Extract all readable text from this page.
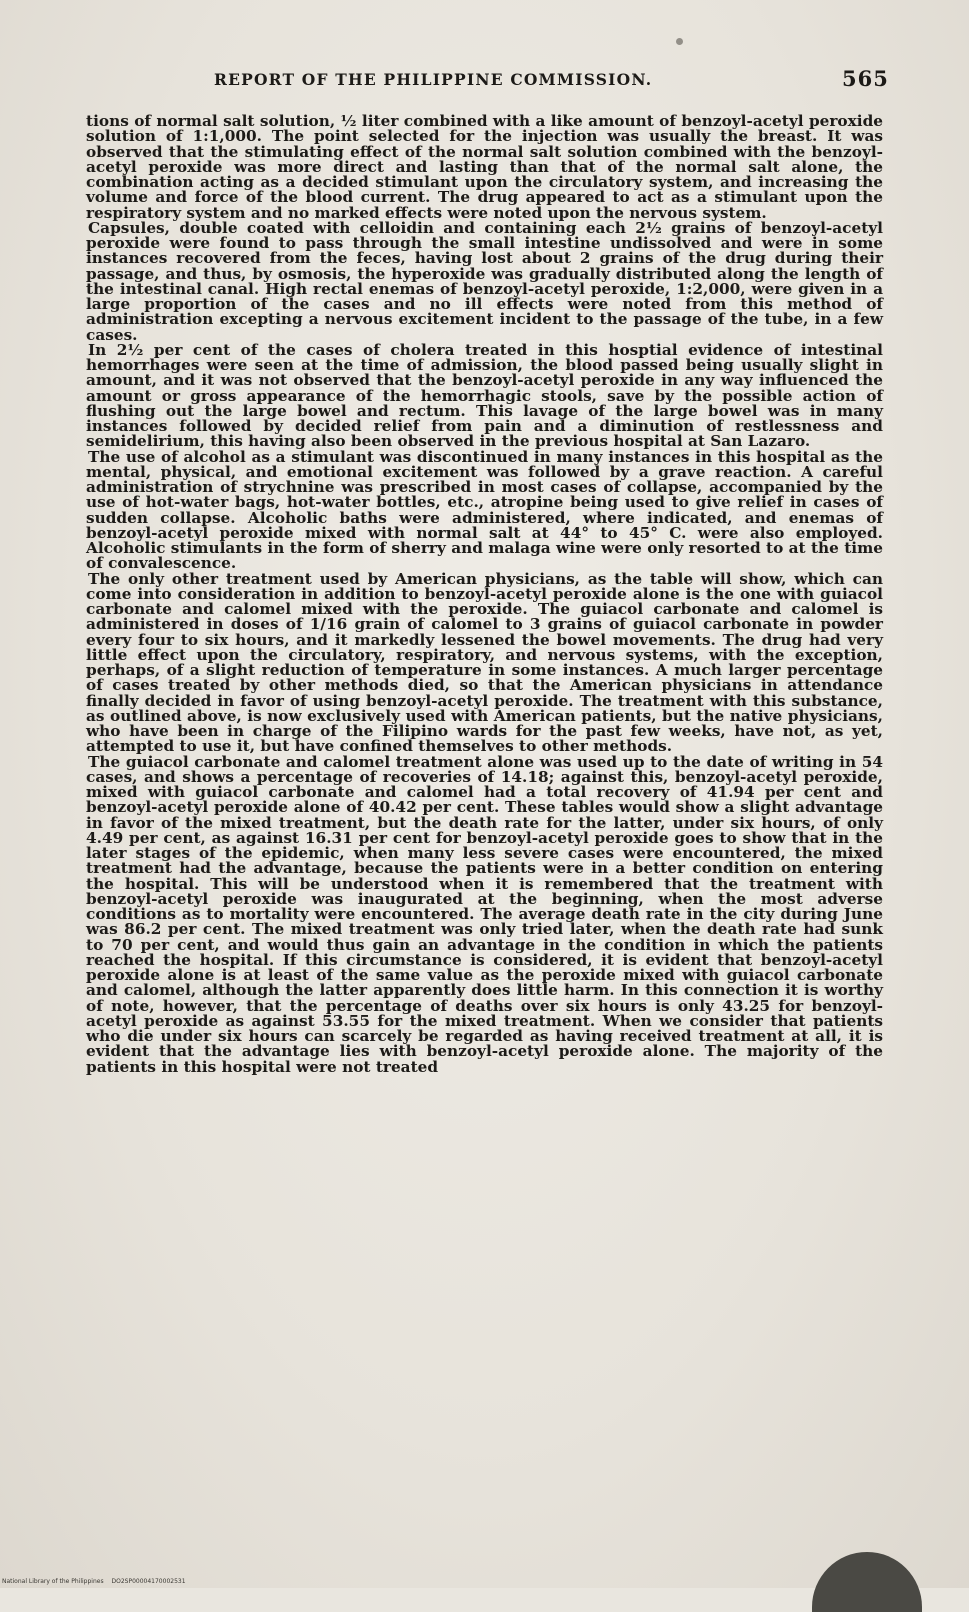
REPORT OF THE PHILIPPINE COMMISSION.	565

tions of normal salt solution, ½ liter combined with a like amount of benzoyl-acetyl peroxide solution of 1:1,000. The point selected for the injection was usually the breast. It was observed that the stimulating effect of the normal salt solution combined with the benzoyl-acetyl peroxide was more direct and lasting than that of the normal salt alone, the combination acting as a decided stimulant upon the circulatory system, and increasing the volume and force of the blood current. The drug appeared to act as a stimulant upon the respiratory system and no marked effects were noted upon the nervous system.

Capsules, double coated with celloidin and containing each 2½ grains of benzoyl-acetyl peroxide were found to pass through the small intestine undissolved and were in some instances recovered from the feces, having lost about 2 grains of the drug during their passage, and thus, by osmosis, the hyperoxide was gradually distributed along the length of the intestinal canal. High rectal enemas of benzoyl-acetyl peroxide, 1:2,000, were given in a large proportion of the cases and no ill effects were noted from this method of administration excepting a nervous excitement incident to the passage of the tube, in a few cases.

In 2½ per cent of the cases of cholera treated in this hosptial evidence of intestinal hemorrhages were seen at the time of admission, the blood passed being usually slight in amount, and it was not observed that the benzoyl-acetyl peroxide in any way influenced the amount or gross appearance of the hemorrhagic stools, save by the possible action of flushing out the large bowel and rectum. This lavage of the large bowel was in many instances followed by decided relief from pain and a diminution of restlessness and semidelirium, this having also been observed in the previous hospital at San Lazaro.

The use of alcohol as a stimulant was discontinued in many instances in this hospital as the mental, physical, and emotional excitement was followed by a grave reaction. A careful administration of strychnine was prescribed in most cases of collapse, accompanied by the use of hot-water bags, hot-water bottles, etc., atropine being used to give relief in cases of sudden collapse. Alcoholic baths were administered, where indicated, and enemas of benzoyl-acetyl peroxide mixed with normal salt at 44° to 45° C. were also employed. Alcoholic stimulants in the form of sherry and malaga wine were only resorted to at the time of convalescence.

The only other treatment used by American physicians, as the table will show, which can come into consideration in addition to benzoyl-acetyl peroxide alone is the one with guiacol carbonate and calomel mixed with the peroxide. The guiacol carbonate and calomel is administered in doses of 1/16 grain of calomel to 3 grains of guiacol carbonate in powder every four to six hours, and it markedly lessened the bowel movements. The drug had very little effect upon the circulatory, respiratory, and nervous systems, with the exception, perhaps, of a slight reduction of temperature in some instances. A much larger percentage of cases treated by other methods died, so that the American physicians in attendance finally decided in favor of using benzoyl-acetyl peroxide. The treatment with this substance, as outlined above, is now exclusively used with American patients, but the native physicians, who have been in charge of the Filipino wards for the past few weeks, have not, as yet, attempted to use it, but have confined themselves to other methods.

The guiacol carbonate and calomel treatment alone was used up to the date of writing in 54 cases, and shows a percentage of recoveries of 14.18; against this, benzoyl-acetyl peroxide, mixed with guiacol carbonate and calomel had a total recovery of 41.94 per cent and benzoyl-acetyl peroxide alone of 40.42 per cent. These tables would show a slight advantage in favor of the mixed treatment, but the death rate for the latter, under six hours, of only 4.49 per cent, as against 16.31 per cent for benzoyl-acetyl peroxide goes to show that in the later stages of the epidemic, when many less severe cases were encountered, the mixed treatment had the advantage, because the patients were in a better condition on entering the hospital. This will be understood when it is remembered that the treatment with benzoyl-acetyl peroxide was inaugurated at the beginning, when the most adverse conditions as to mortality were encountered. The average death rate in the city during June was 86.2 per cent. The mixed treatment was only tried later, when the death rate had sunk to 70 per cent, and would thus gain an advantage in the condition in which the patients reached the hospital. If this circumstance is considered, it is evident that benzoyl-acetyl peroxide alone is at least of the same value as the peroxide mixed with guiacol carbonate and calomel, although the latter apparently does little harm. In this connection it is worthy of note, however, that the percentage of deaths over six hours is only 43.25 for benzoyl-acetyl peroxide as against 53.55 for the mixed treatment. When we consider that patients who die under six hours can scarcely be regarded as having received treatment at all, it is evident that the advantage lies with benzoyl-acetyl peroxide alone. The majority of the patients in this hospital were not treated

National Library of the Philippines DO2SP00004170002531
